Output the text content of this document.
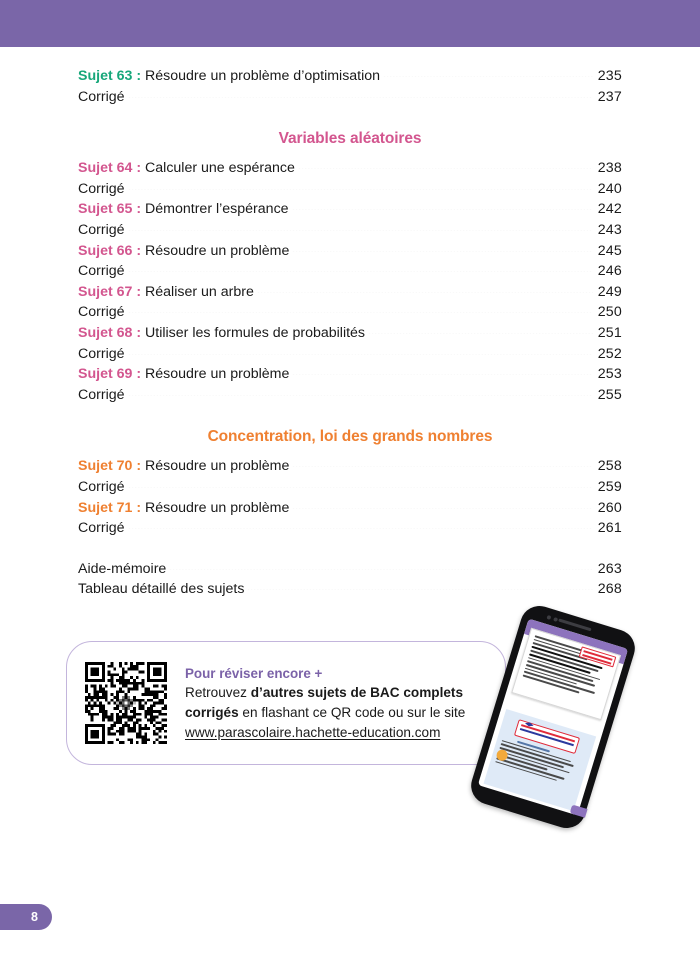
Sujet 63 : Résoudre un problème d’optimisation	235
Corrigé	237
Variables aléatoires
Sujet 64 : Calculer une espérance	238
Corrigé	240
Sujet 65 : Démontrer l’espérance	242
Corrigé	243
Sujet 66 : Résoudre un problème	245
Corrigé	246
Sujet 67 : Réaliser un arbre	249
Corrigé	250
Sujet 68 : Utiliser les formules de probabilités	251
Corrigé	252
Sujet 69 : Résoudre un problème	253
Corrigé	255
Concentration, loi des grands nombres
Sujet 70 : Résoudre un problème	258
Corrigé	259
Sujet 71 : Résoudre un problème	260
Corrigé	261
Aide-mémoire	263
Tableau détaillé des sujets	268
Pour réviser encore +
Retrouvez d’autres sujets de BAC complets
corrigés en flashant ce QR code ou sur le site
www.parascolaire.hachette-education.com
8
